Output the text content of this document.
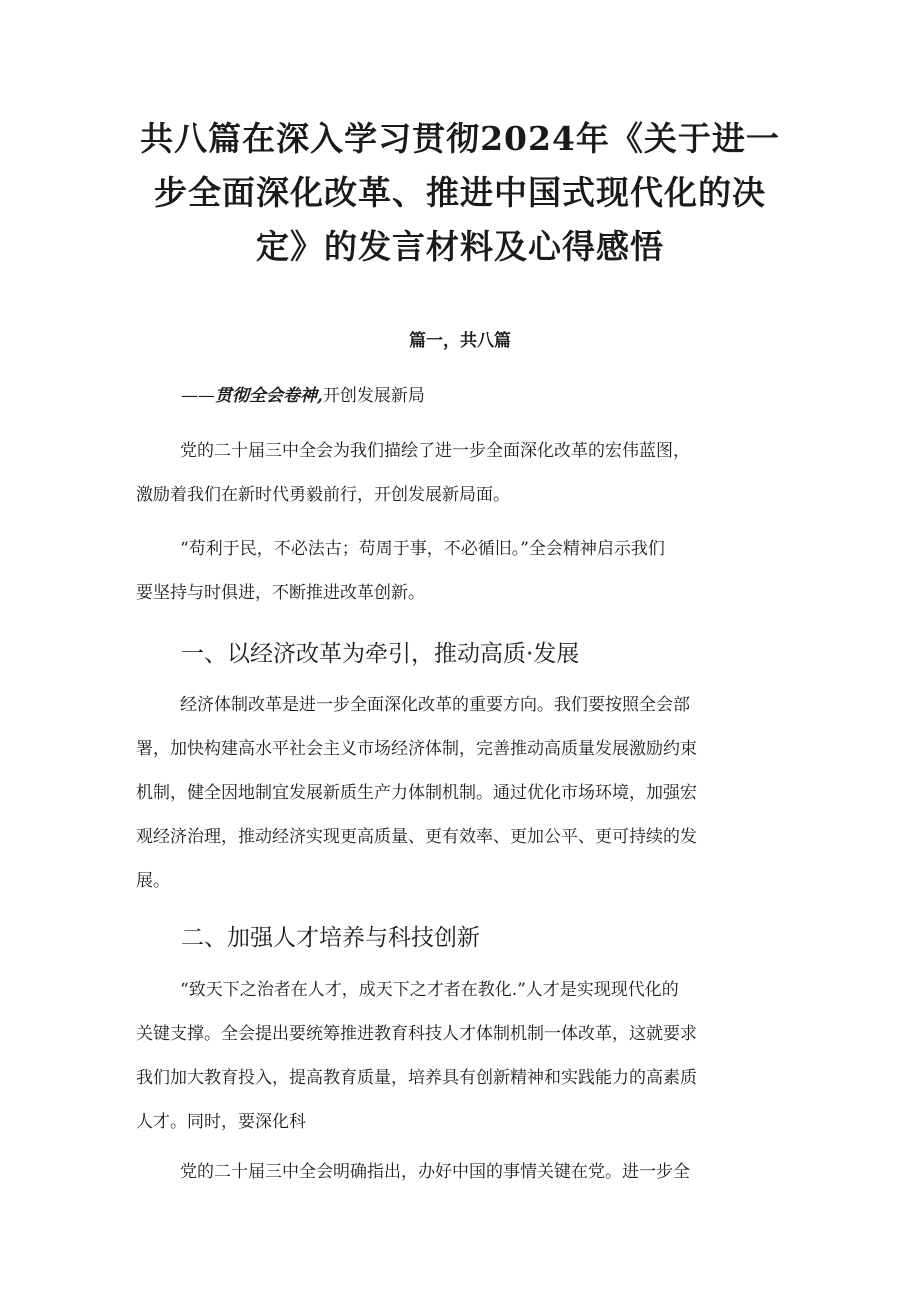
共八篇在深入学习贯彻2024年《关于进一
步全面深化改革、推进中国式现代化的决
定》的发言材料及心得感悟
篇一，共八篇
——贯彻全会卷神,开创发展新局
党的二十届三中全会为我们描绘了进一步全面深化改革的宏伟蓝图，
激励着我们在新时代勇毅前行，开创发展新局面。
“苟利于民，不必法古；苟周于事，不必循旧。”全会精神启示我们
要坚持与时俱进，不断推进改革创新。
一、以经济改革为牵引，推动高质·发展
经济体制改革是进一步全面深化改革的重要方向。我们要按照全会部
署，加快构建高水平社会主义市场经济体制，完善推动高质量发展激励约束
机制，健全因地制宜发展新质生产力体制机制。通过优化市场环境，加强宏
观经济治理，推动经济实现更高质量、更有效率、更加公平、更可持续的发
展。
二、加强人才培养与科技创新
“致天下之治者在人才，成天下之才者在教化.”人才是实现现代化的
关键支撑。全会提出要统筹推进教育科技人才体制机制一体改革，这就要求
我们加大教育投入，提高教育质量，培养具有创新精神和实践能力的高素质
人才。同时，要深化科
党的二十届三中全会明确指出，办好中国的事情关键在党。进一步全
